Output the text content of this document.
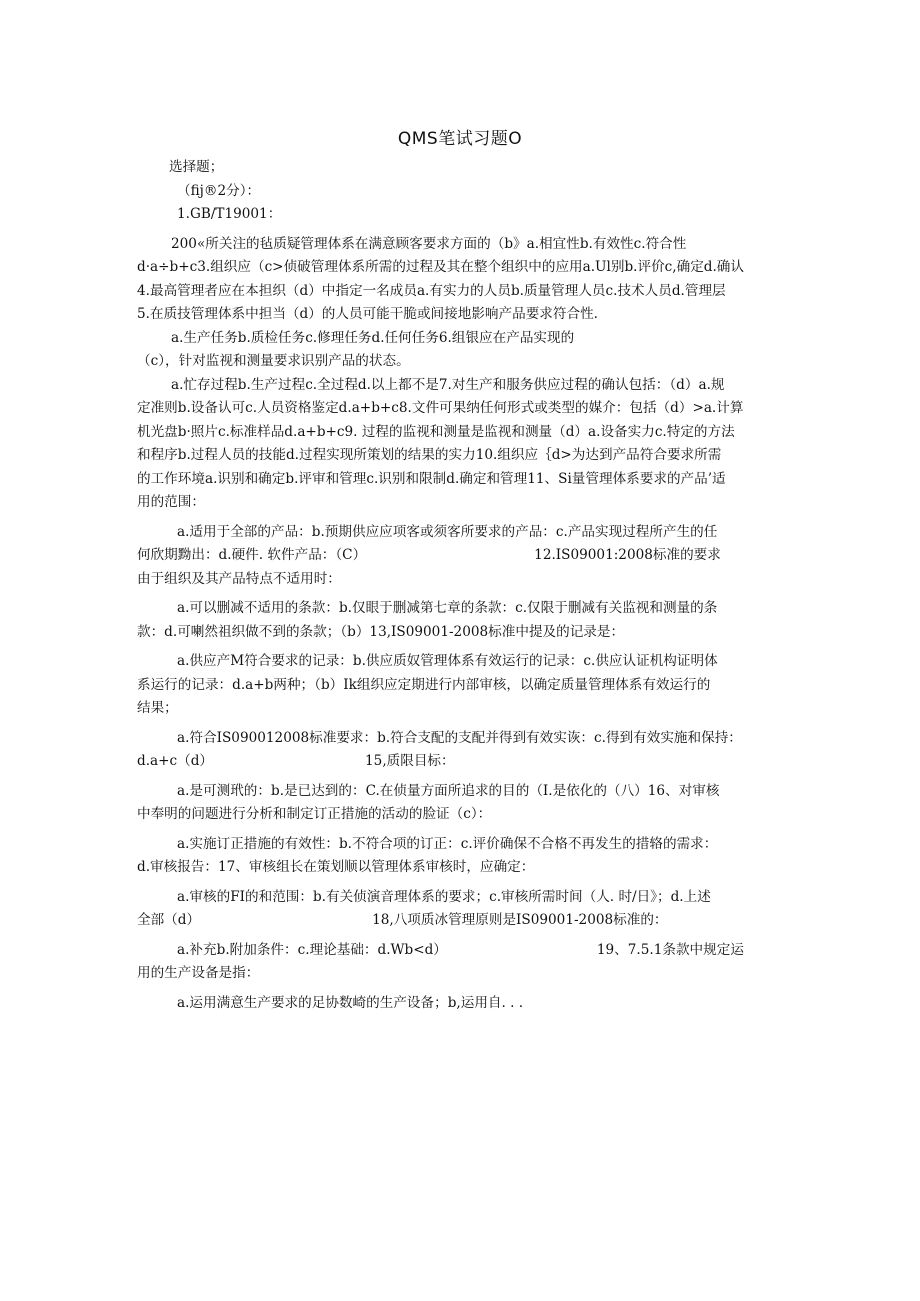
QMS笔试习题O
选择题；
（fij®2分）：
1.GB/T19001：
200«所关注的毡质疑管理体系在满意顾客要求方面的（b》a.相宜性b.有效性c.符合性
d·a÷b+c3.组织应（c>侦破管理体系所需的过程及其在整个组织中的应用a.Ul别b.评价c,确定d.确认
4.最高管理者应在本担织（d）中指定一名成员a.有实力的人员b.质量管理人员c.技术人员d.管理层
5.在质技管理体系中担当（d）的人员可能干脆或间接地影响产品要求符合性.
a.生产任务b.质检任务c.修理任务d.任何任务6.组银应在产品实现的
（c），针对监视和测量要求识别产品的状态。
a.忙存过程b.生产过程c.全过程d.以上都不是7.对生产和服务供应过程的确认包括：（d）a.规
定准则b.设备认可c.人员资格鉴定d.a+b+c8.文件可果纳任何形式或类型的媒介：包括（d）>a.计算
机光盘b·照片c.标准样品d.a+b+c9. 过程的监视和测量是监视和测量（d）a.设备实力c.特定的方法
和程序b.过程人员的技能d.过程实现所策划的结果的实力10.组织应｛d>为达到产品符合要求所需
的工作环境a.识别和确定b.评审和管理c.识别和限制d.确定和管理11、Si量管理体系要求的产品’适
用的范围：
a.适用于全部的产品：b.预期供应应项客或须客所要求的产品：c.产品实现过程所产生的任
何欣期黝出：d.硬件. 软件产品：（C）	12.IS09001:2008标准的要求
由于组织及其产品特点不适用时：
a.可以删减不适用的条款：b.仅眼于删减第七章的条款：c.仅限于删减有关监视和测量的条
款：d.可喇然祖织做不到的条款；（b）13,IS09001-2008标准中提及的记录是：
a.供应产M符合要求的记录：b.供应质奴管理体系有效运行的记录：c.供应认证机构证明体
系运行的记录：d.a+b两种；（b）Ik组织应定期进行内部审核，以确定质量管理体系有效运行的
结果；
a.符合IS090012008标准要求：b.符合支配的支配并得到有效实诙：c.得到有效实施和保持：
d.a+c（d）	15,质限目标：
a.是可测玳的：b.是已达到的：C.在侦量方面所追求的目的（I.是依化的（八）16、对审核
中奉明的问题进行分析和制定订正措施的活动的脸证（c）：
a.实施订正措施的有效性：b.不符合项的订正：c.评价确保不合格不再发生的措辂的需求：
d.审核报告：17、审核组长在策划顺以管理体系审核时，应确定：
a.审核的FI的和范围：b.有关侦演音理体系的要求；c.审核所需时间（人. 时/日》；d.上述
全部（d）	18,八项质冰管理原则是IS09001-2008标准的：
a.补充b.附加条件：c.理论基础：d.Wb<d）	19、7.5.1条款中规定运
用的生产设备是指：
a.运用满意生产要求的足协数崎的生产设备；b,运用自. . .
